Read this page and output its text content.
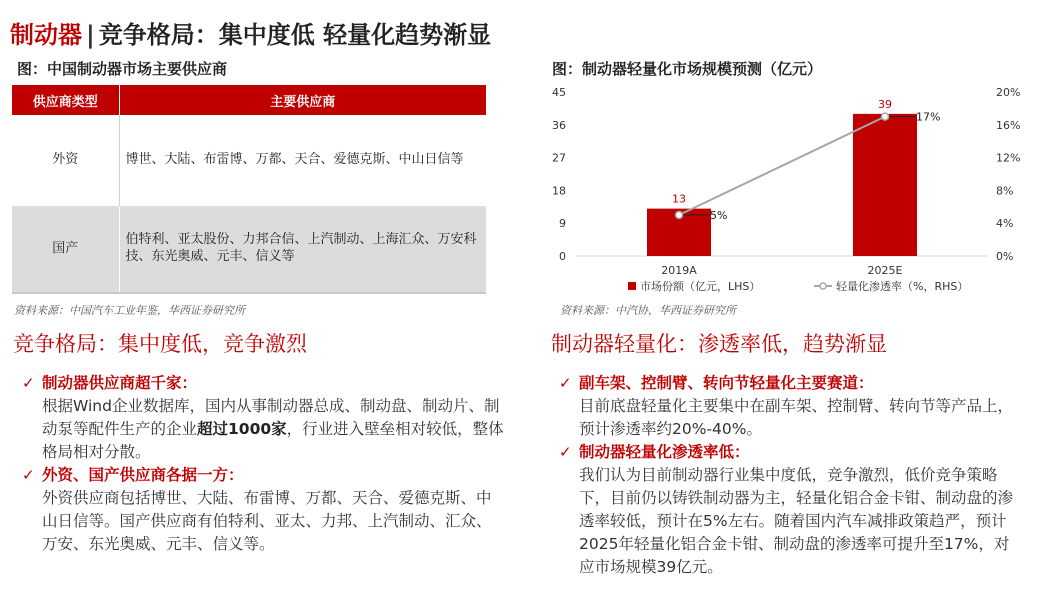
制动器 | 竞争格局：集中度低 轻量化趋势渐显
图：中国制动器市场主要供应商
供应商类型	主要供应商
外资	博世、大陆、布雷博、万都、天合、爱德克斯、中山日信等
国产	伯特利、亚太股份、力邦合信、上汽制动、上海汇众、万安科技、东光奥威、元丰、信义等
资料来源：中国汽车工业年鉴，华西证券研究所
竞争格局：集中度低，竞争激烈
✓ 制动器供应商超千家：
根据Wind企业数据库，国内从事制动器总成、制动盘、制动片、制动泵等配件生产的企业超过1000家，行业进入壁垒相对较低，整体格局相对分散。
✓ 外资、国产供应商各据一方：
外资供应商包括博世、大陆、布雷博、万都、天合、爱德克斯、中山日信等。国产供应商有伯特利、亚太、力邦、上汽制动、汇众、万安、东光奥威、元丰、信义等。
图：制动器轻量化市场规模预测（亿元）
0
9
18
27
36
45
0%
4%
8%
12%
16%
20%
13
39
2019A	2025E
5%
17%
市场份额（亿元，LHS）	轻量化渗透率（%，RHS）
资料来源：中汽协，华西证券研究所
制动器轻量化：渗透率低，趋势渐显
✓ 副车架、控制臂、转向节轻量化主要赛道：
目前底盘轻量化主要集中在副车架、控制臂、转向节等产品上，预计渗透率约20%-40%。
✓ 制动器轻量化渗透率低：
我们认为目前制动器行业集中度低，竞争激烈，低价竞争策略下，目前仍以铸铁制动器为主，轻量化铝合金卡钳、制动盘的渗透率较低，预计在5%左右。随着国内汽车减排政策趋严，预计2025年轻量化铝合金卡钳、制动盘的渗透率可提升至17%，对应市场规模39亿元。
